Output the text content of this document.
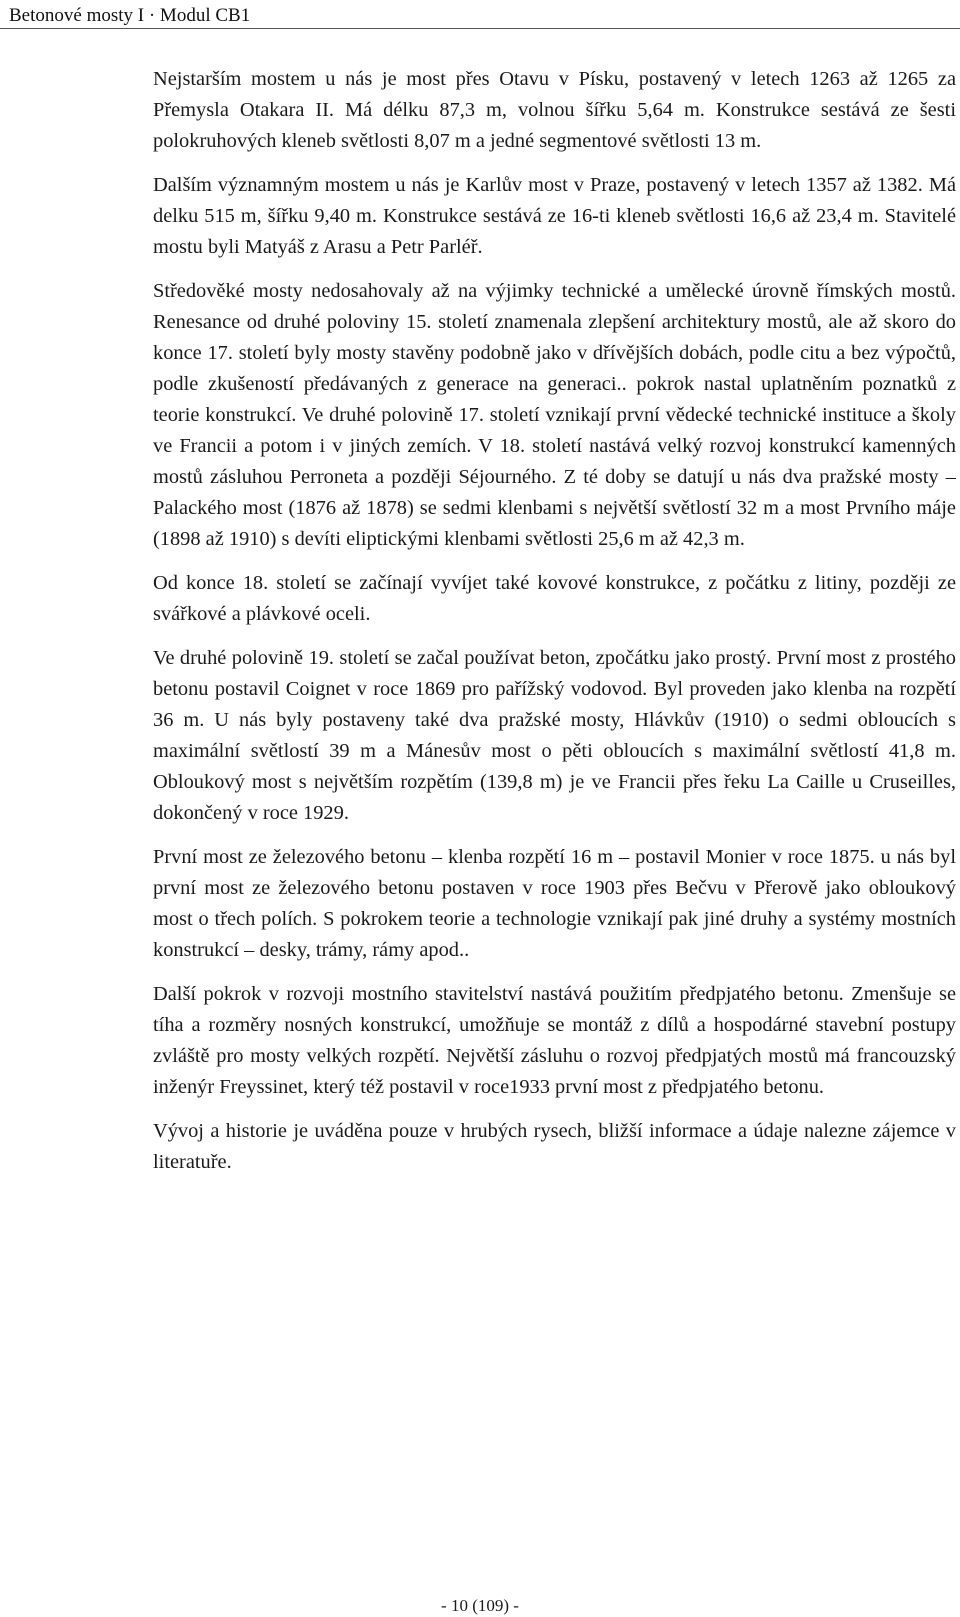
Betonové mosty I · Modul CB1

Nejstarším mostem u nás je most přes Otavu v Písku, postavený v letech 1263 až 1265 za Přemysla Otakara II. Má délku 87,3 m, volnou šířku 5,64 m. Konstrukce sestává ze šesti polokruhových kleneb světlosti 8,07 m a jedné segmentové světlosti 13 m.

Dalším významným mostem u nás je Karlův most v Praze, postavený v letech 1357 až 1382. Má delku 515 m, šířku 9,40 m. Konstrukce sestává ze 16-ti kleneb světlosti 16,6 až 23,4 m. Stavitelé mostu byli Matyáš z Arasu a Petr Parléř.

Středověké mosty nedosahovaly až na výjimky technické a umělecké úrovně římských mostů. Renesance od druhé poloviny 15. století znamenala zlepšení architektury mostů, ale až skoro do konce 17. století byly mosty stavěny podobně jako v dřívějších dobách, podle citu a bez výpočtů, podle zkušeností předávaných z generace na generaci.. pokrok nastal uplatněním poznatků z teorie konstrukcí. Ve druhé polovině 17. století vznikají první vědecké technické instituce a školy ve Francii a potom i v jiných zemích. V 18. století nastává velký rozvoj konstrukcí kamenných mostů zásluhou Perroneta a později Séjourného. Z té doby se datují u nás dva pražské mosty – Palackého most (1876 až 1878) se sedmi klenbami s největší světlostí 32 m a most Prvního máje (1898 až 1910) s devíti eliptickými klenbami světlosti 25,6 m až 42,3 m.

Od konce 18. století se začínají vyvíjet také kovové konstrukce, z počátku z litiny, později ze svářkové a plávkové oceli.

Ve druhé polovině 19. století se začal používat beton, zpočátku jako prostý. První most z prostého betonu postavil Coignet v roce 1869 pro pařížský vodovod. Byl proveden jako klenba na rozpětí 36 m. U nás byly postaveny také dva pražské mosty, Hlávkův (1910) o sedmi obloucích s maximální světlostí 39 m a Mánesův most o pěti obloucích s maximální světlostí 41,8 m. Obloukový most s největším rozpětím (139,8 m) je ve Francii přes řeku La Caille u Cruseilles, dokončený v roce 1929.

První most ze železového betonu – klenba rozpětí 16 m – postavil Monier v roce 1875. u nás byl první most ze železového betonu postaven v roce 1903 přes Bečvu v Přerově jako obloukový most o třech polích. S pokrokem teorie a technologie vznikají pak jiné druhy a systémy mostních konstrukcí – desky, trámy, rámy apod..

Další pokrok v rozvoji mostního stavitelství nastává použitím předpjatého betonu. Zmenšuje se tíha a rozměry nosných konstrukcí, umožňuje se montáž z dílů a hospodárné stavební postupy zvláště pro mosty velkých rozpětí. Největší zásluhu o rozvoj předpjatých mostů má francouzský inženýr Freyssinet, který též postavil v roce1933 první most z předpjatého betonu.

Vývoj a historie je uváděna pouze v hrubých rysech, bližší informace a údaje nalezne zájemce v literatuře.

- 10 (109) -
